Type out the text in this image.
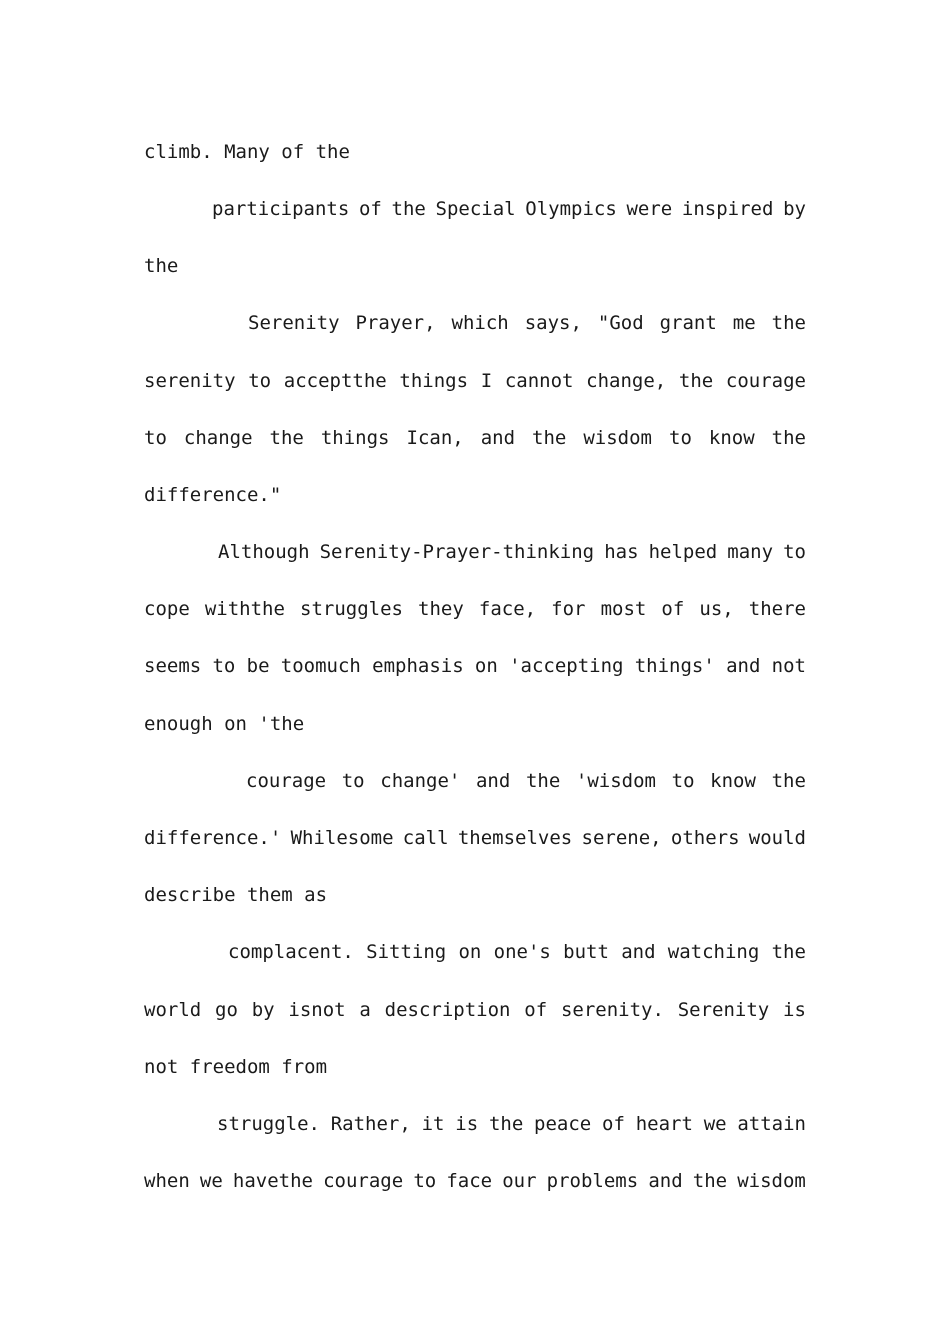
climb. Many of the
participants of the Special Olympics were inspired by
the
Serenity Prayer, which says, "God grant me the
serenity to acceptthe things I cannot change, the courage
to change the things Ican, and the wisdom to know the
difference."
Although Serenity-Prayer-thinking has helped many to
cope withthe struggles they face, for most of us, there
seems to be toomuch emphasis on 'accepting things' and not
enough on 'the
courage to change' and the 'wisdom to know the
difference.' Whilesome call themselves serene, others would
describe them as
complacent. Sitting on one's butt and watching the
world go by isnot a description of serenity. Serenity is
not freedom from
struggle. Rather, it is the peace of heart we attain
when we havethe courage to face our problems and the wisdom
